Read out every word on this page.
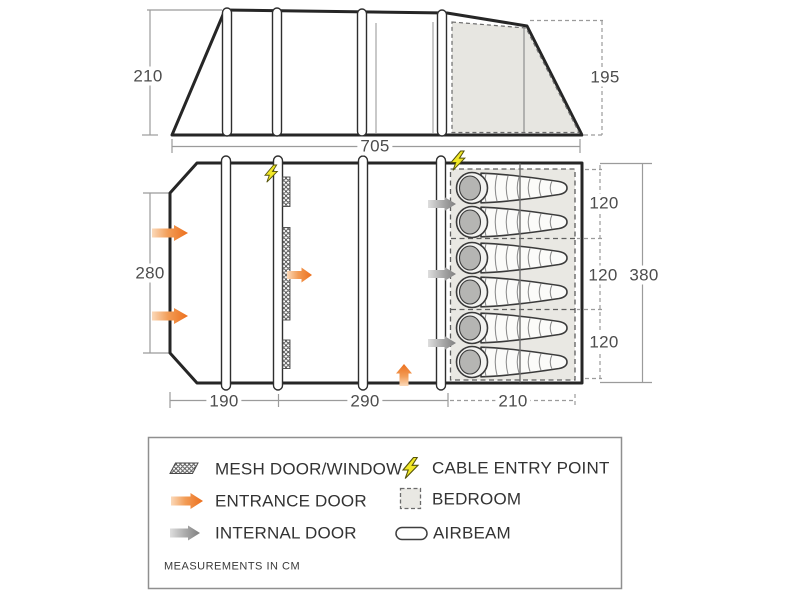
210	195
705
280
190	290	210
120
120 380
120
MESH DOOR/WINDOW CABLE ENTRY POINT
ENTRANCE DOOR	BEDROOM
INTERNAL DOOR	AIRBEAM
MEASUREMENTS IN CM
